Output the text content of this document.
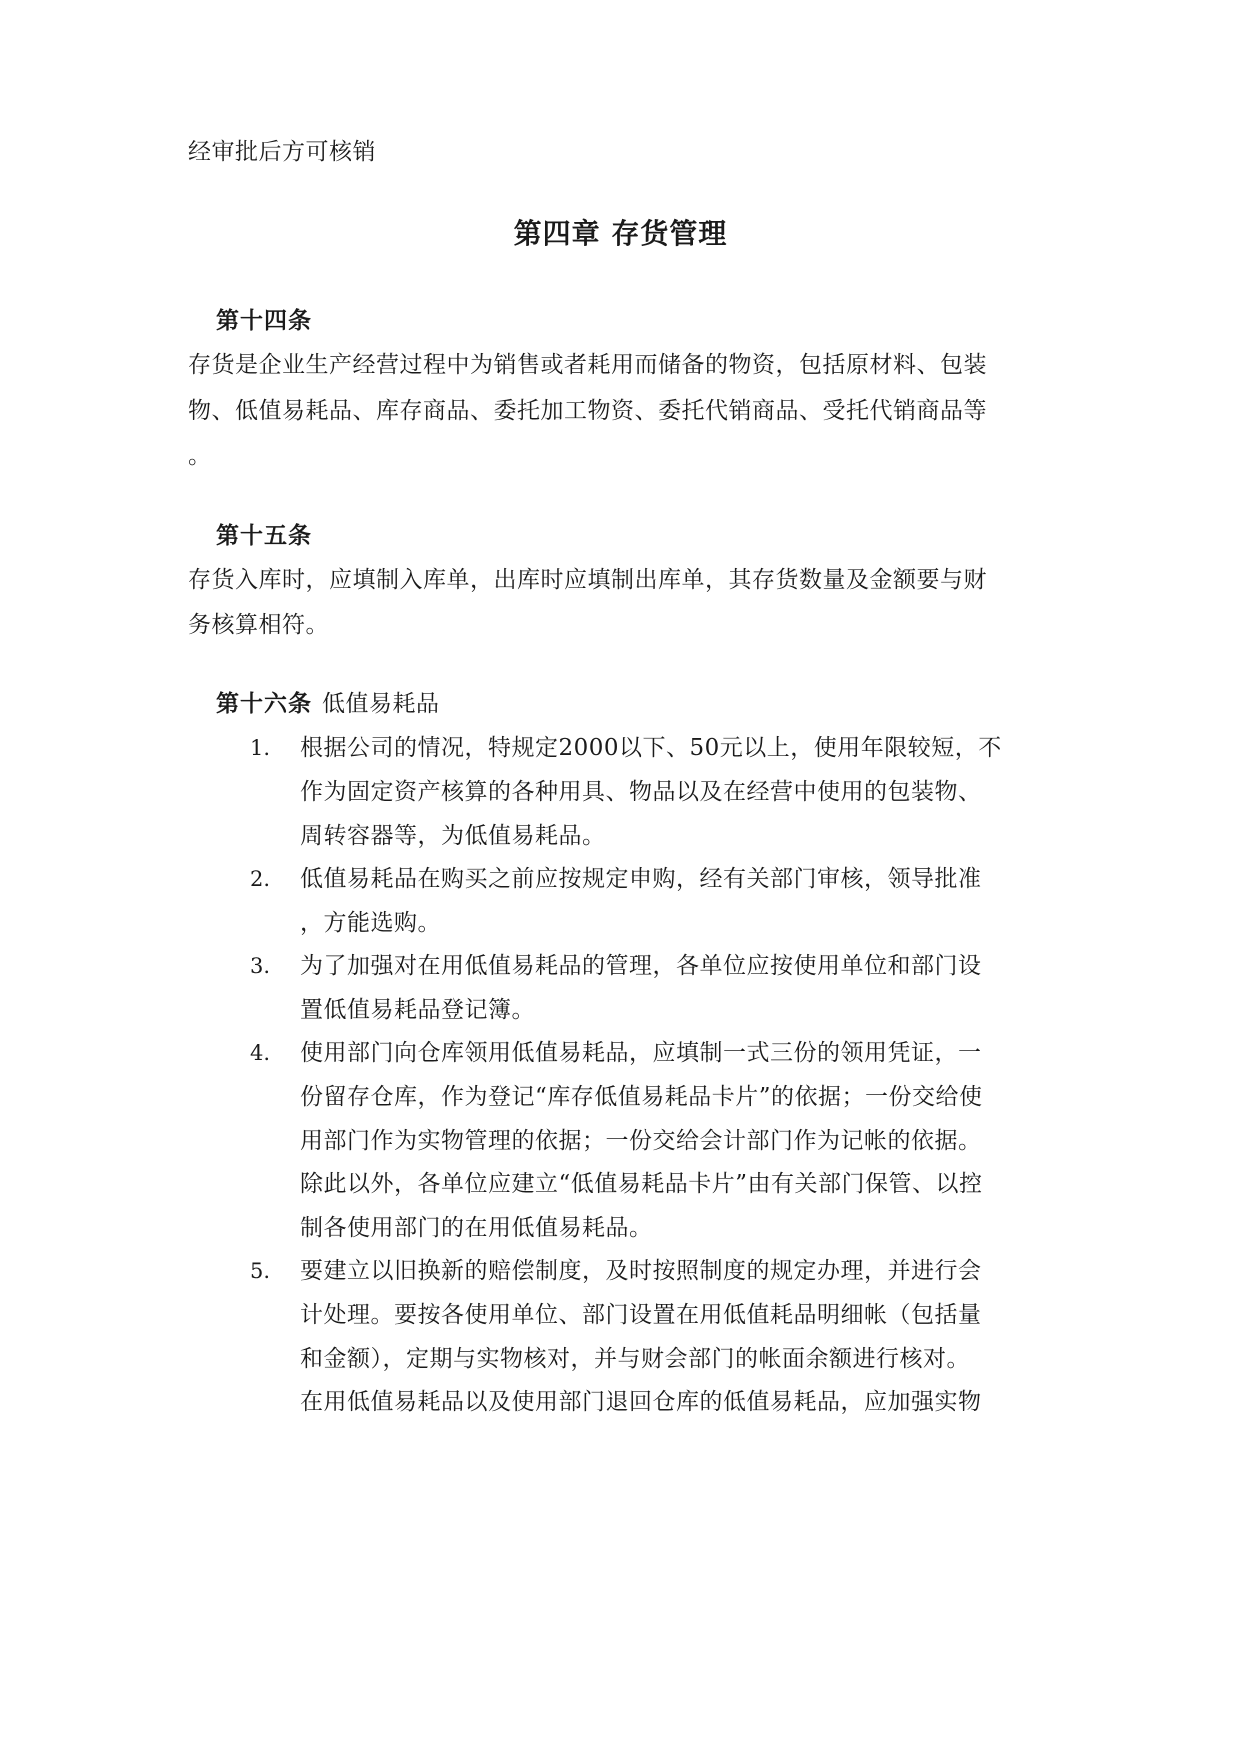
经审批后方可核销
第四章 存货管理
第十四条
存货是企业生产经营过程中为销售或者耗用而储备的物资，包括原材料、包装
物、低值易耗品、库存商品、委托加工物资、委托代销商品、受托代销商品等
。
第十五条
存货入库时，应填制入库单，出库时应填制出库单，其存货数量及金额要与财
务核算相符。
第十六条 低值易耗品
1. 根据公司的情况，特规定2000以下、50元以上，使用年限较短，不
作为固定资产核算的各种用具、物品以及在经营中使用的包装物、
周转容器等，为低值易耗品。
2. 低值易耗品在购买之前应按规定申购，经有关部门审核，领导批准
，方能选购。
3. 为了加强对在用低值易耗品的管理，各单位应按使用单位和部门设
置低值易耗品登记簿。
4. 使用部门向仓库领用低值易耗品，应填制一式三份的领用凭证，一
份留存仓库，作为登记“库存低值易耗品卡片”的依据；一份交给使
用部门作为实物管理的依据；一份交给会计部门作为记帐的依据。
除此以外，各单位应建立“低值易耗品卡片”由有关部门保管、以控
制各使用部门的在用低值易耗品。
5. 要建立以旧换新的赔偿制度，及时按照制度的规定办理，并进行会
计处理。要按各使用单位、部门设置在用低值耗品明细帐（包括量
和金额），定期与实物核对，并与财会部门的帐面余额进行核对。
在用低值易耗品以及使用部门退回仓库的低值易耗品，应加强实物
